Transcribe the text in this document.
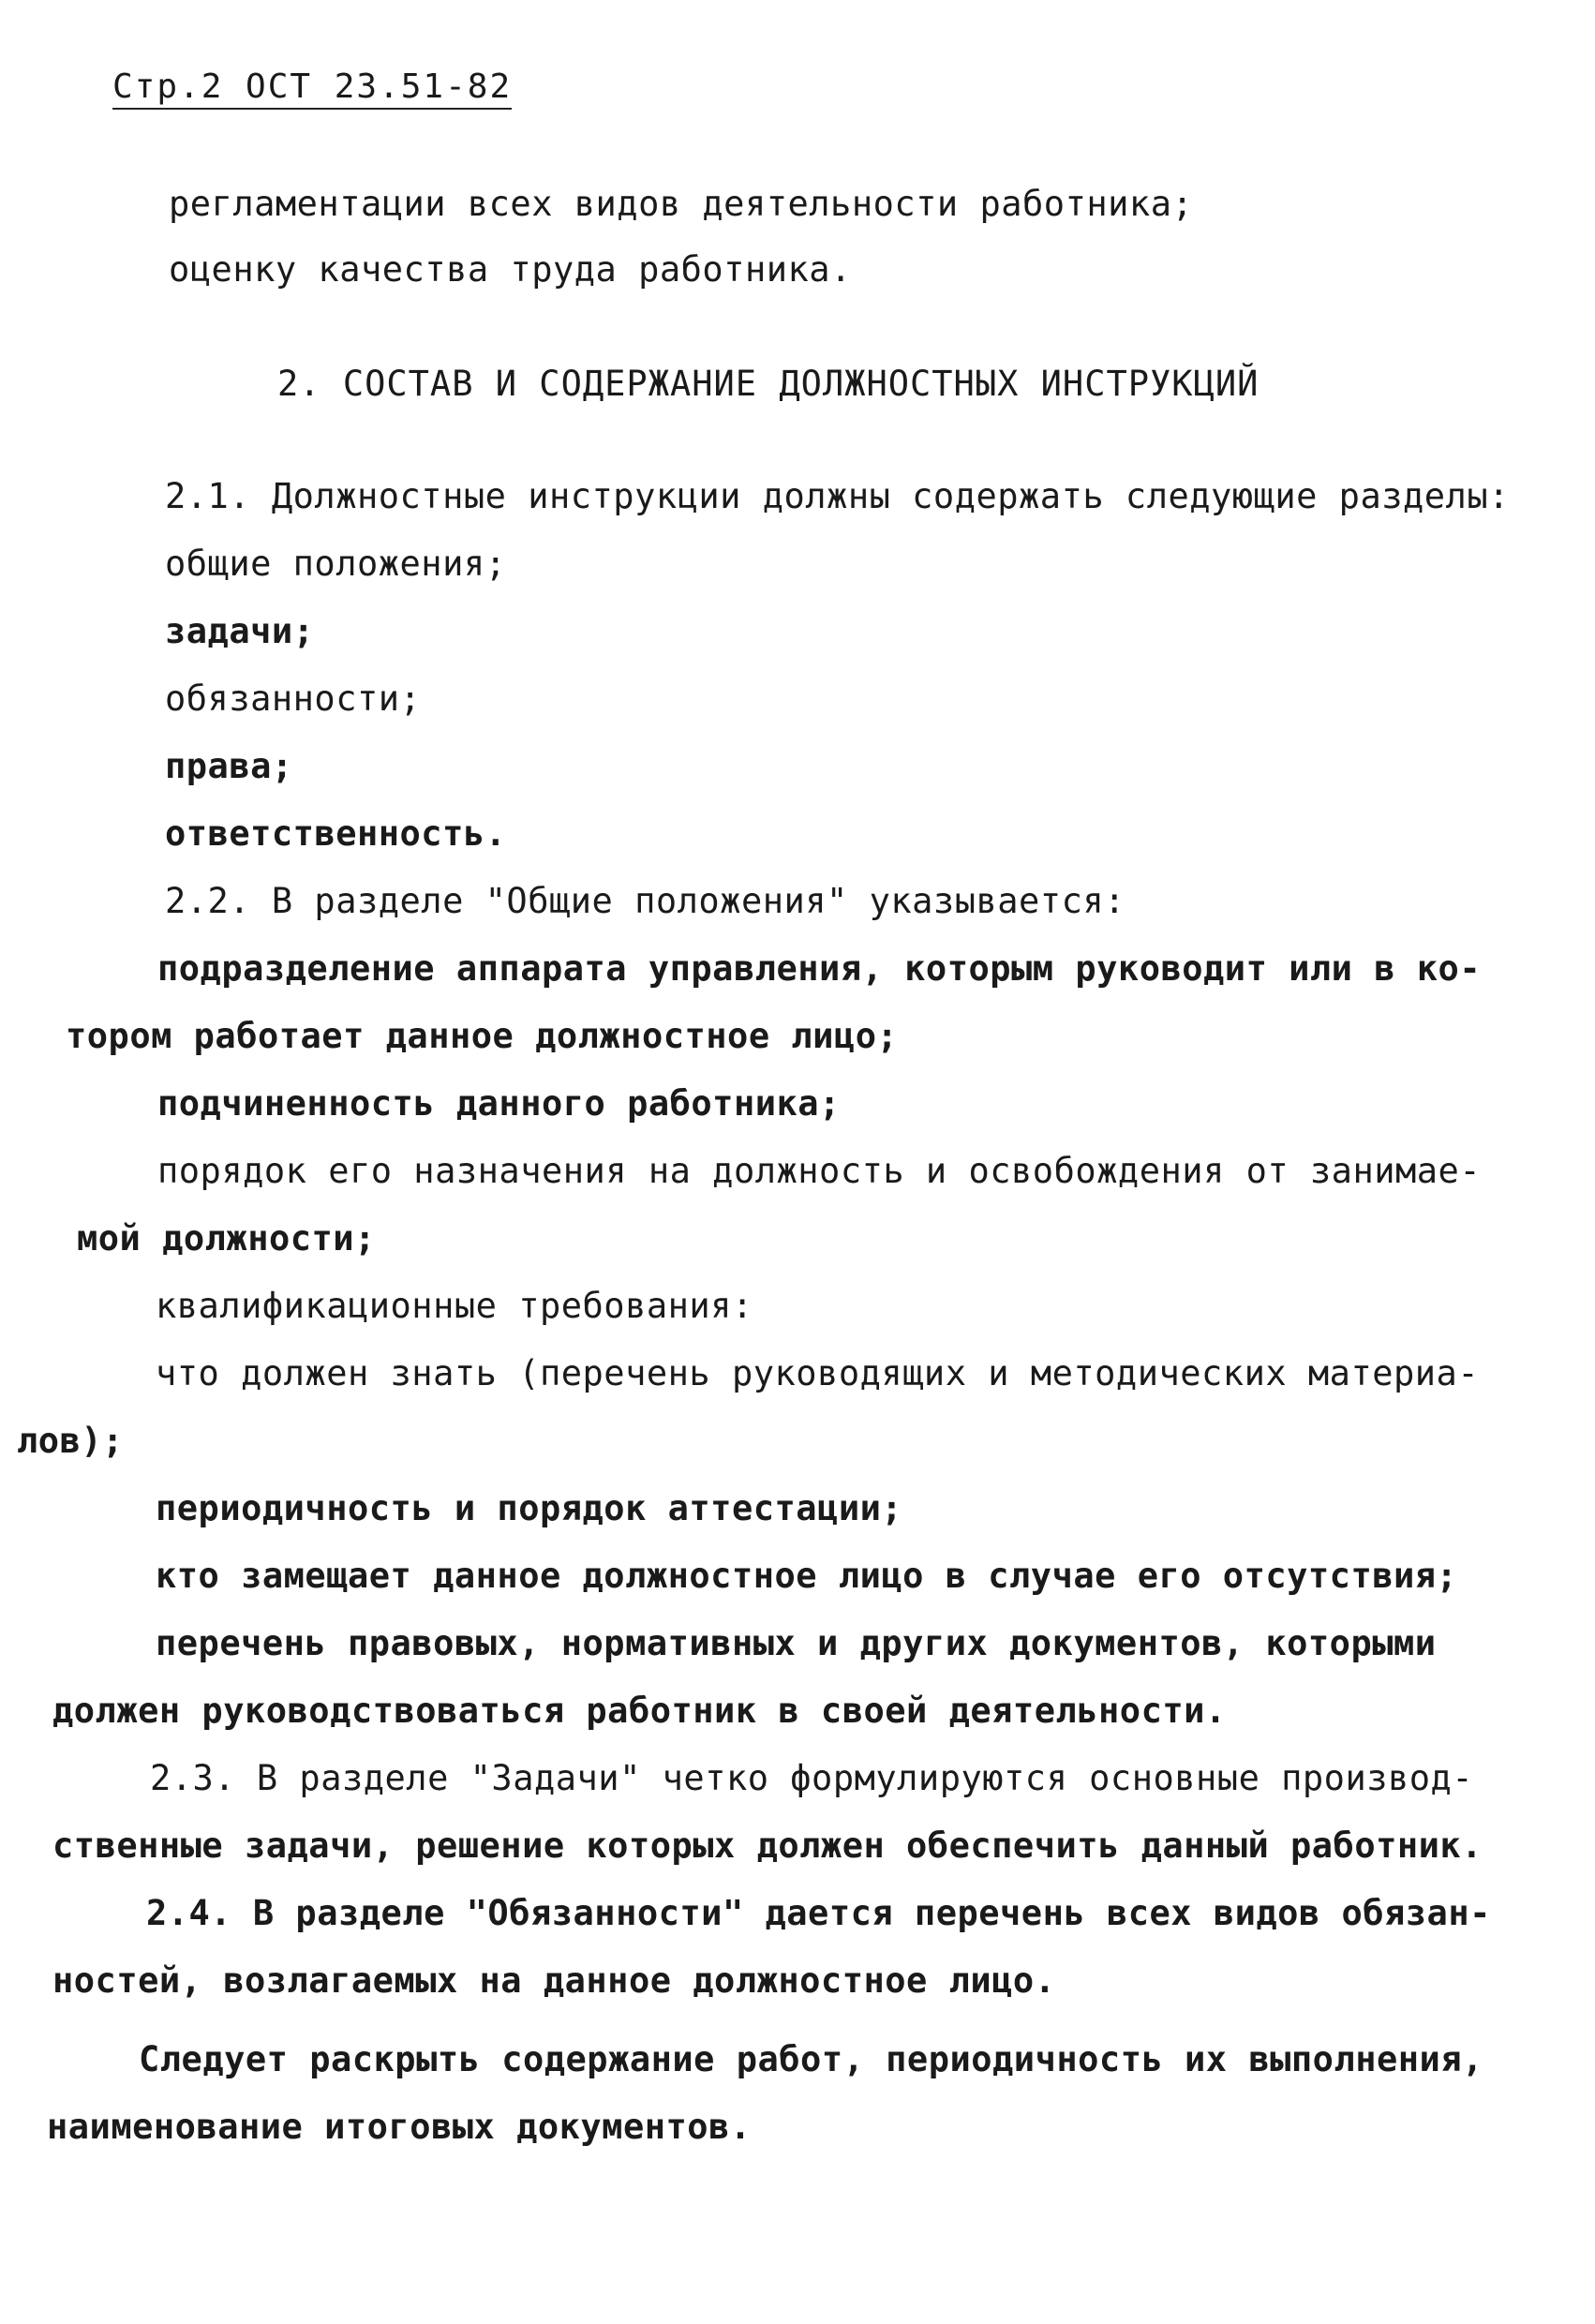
Стр.2 ОСТ 23.51-82
регламентации всех видов деятельности работника;
оценку качества труда работника.
2. СОСТАВ И СОДЕРЖАНИЕ ДОЛЖНОСТНЫХ ИНСТРУКЦИЙ
2.1. Должностные инструкции должны содержать следующие разделы:
общие положения;
задачи;
обязанности;
права;
ответственность.
2.2. В разделе "Общие положения" указывается:
подразделение аппарата управления, которым руководит или в ко-
тором работает данное должностное лицо;
подчиненность данного работника;
порядок его назначения на должность и освобождения от занимае-
мой должности;
квалификационные требования:
что должен знать (перечень руководящих и методических материа-
лов);
периодичность и порядок аттестации;
кто замещает данное должностное лицо в случае его отсутствия;
перечень правовых, нормативных и других документов, которыми
должен руководствоваться работник в своей деятельности.
2.3. В разделе "Задачи" четко формулируются основные производ-
ственные задачи, решение которых должен обеспечить данный работник.
2.4. В разделе "Обязанности" дается перечень всех видов обязан-
ностей, возлагаемых на данное должностное лицо.
Следует раскрыть содержание работ, периодичность их выполнения,
наименование итоговых документов.
